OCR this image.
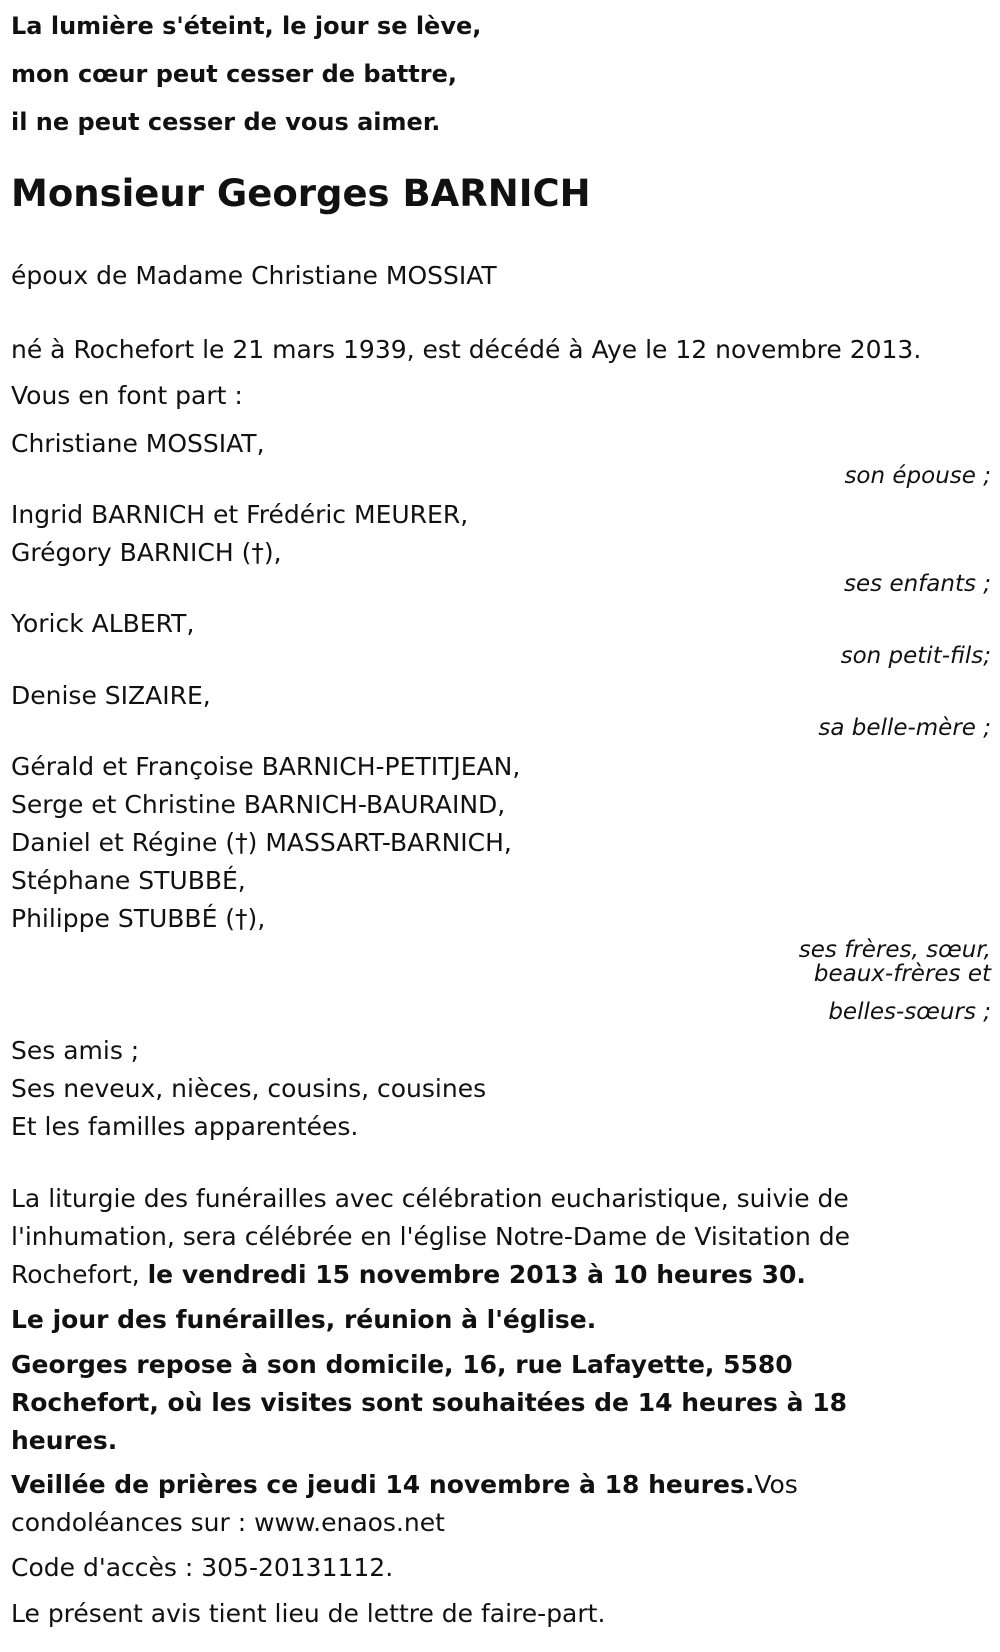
La lumière s'éteint, le jour se lève,
mon cœur peut cesser de battre,
il ne peut cesser de vous aimer.
Monsieur Georges BARNICH
époux de Madame Christiane MOSSIAT
né à Rochefort le 21 mars 1939, est décédé à Aye le 12 novembre 2013.
Vous en font part :
Christiane MOSSIAT,
son épouse ;
Ingrid BARNICH et Frédéric MEURER,
Grégory BARNICH (†),
ses enfants ;
Yorick ALBERT,
son petit-fils;
Denise SIZAIRE,
sa belle-mère ;
Gérald et Françoise BARNICH-PETITJEAN,
Serge et Christine BARNICH-BAURAIND,
Daniel et Régine (†) MASSART-BARNICH,
Stéphane STUBBÉ,
Philippe STUBBÉ (†),
ses frères, sœur,
beaux-frères et
belles-sœurs ;
Ses amis ;
Ses neveux, nièces, cousins, cousines
Et les familles apparentées.
La liturgie des funérailles avec célébration eucharistique, suivie de l'inhumation, sera célébrée en l'église Notre-Dame de Visitation de Rochefort, le vendredi 15 novembre 2013 à 10 heures 30.
Le jour des funérailles, réunion à l'église.
Georges repose à son domicile, 16, rue Lafayette, 5580 Rochefort, où les visites sont souhaitées de 14 heures à 18 heures.
Veillée de prières ce jeudi 14 novembre à 18 heures.Vos condoléances sur : www.enaos.net
Code d'accès : 305-20131112.
Le présent avis tient lieu de lettre de faire-part.
